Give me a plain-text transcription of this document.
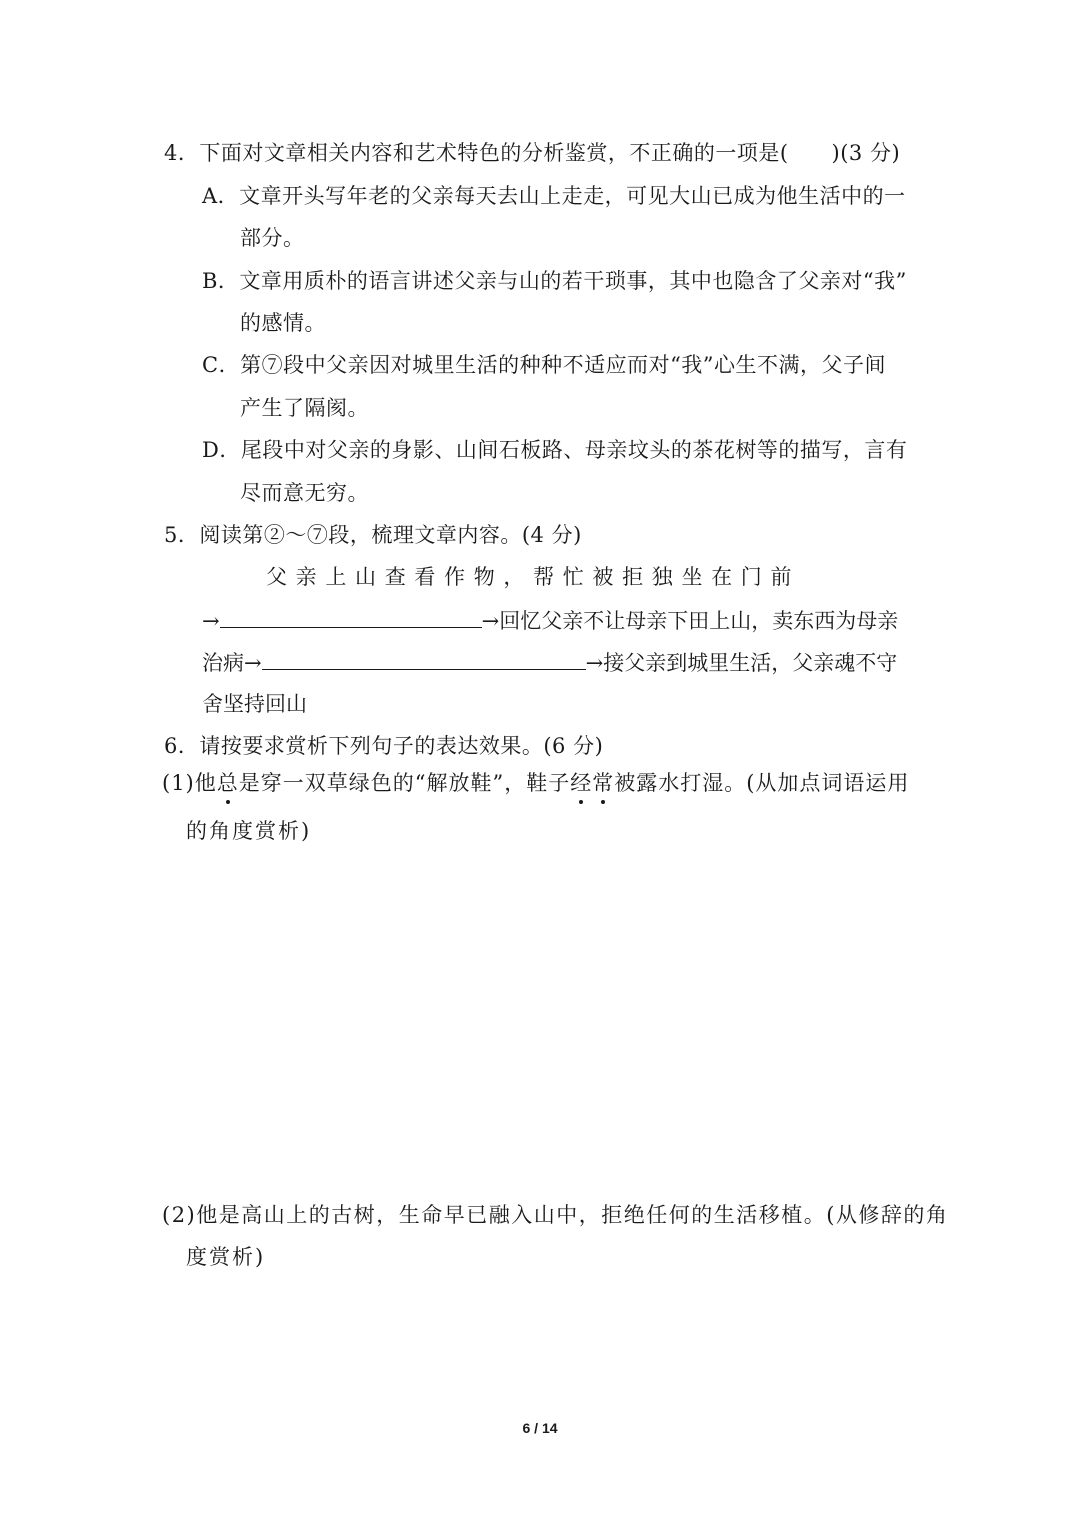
4．下面对文章相关内容和艺术特色的分析鉴赏，不正确的一项是(　　)(3 分)
A．文章开头写年老的父亲每天去山上走走，可见大山已成为他生活中的一
部分。
B．文章用质朴的语言讲述父亲与山的若干琐事，其中也隐含了父亲对“我”
的感情。
C．第⑦段中父亲因对城里生活的种种不适应而对“我”心生不满，父子间
产生了隔阂。
D．尾段中对父亲的身影、山间石板路、母亲坟头的茶花树等的描写，言有
尽而意无穷。
5．阅读第②～⑦段，梳理文章内容。(4 分)
父 亲 上 山 查 看 作 物 ， 帮 忙 被 拒 独 坐 在 门 前
→	→回忆父亲不让母亲下田上山，卖东西为母亲
治病→	→接父亲到城里生活，父亲魂不守
舍坚持回山
6．请按要求赏析下列句子的表达效果。(6 分)
(1)他总是穿一双草绿色的“解放鞋”，鞋子经常被露水打湿。(从加点词语运用
的角度赏析)
(2)他是高山上的古树，生命早已融入山中，拒绝任何的生活移植。(从修辞的角
度赏析)
6 / 14
